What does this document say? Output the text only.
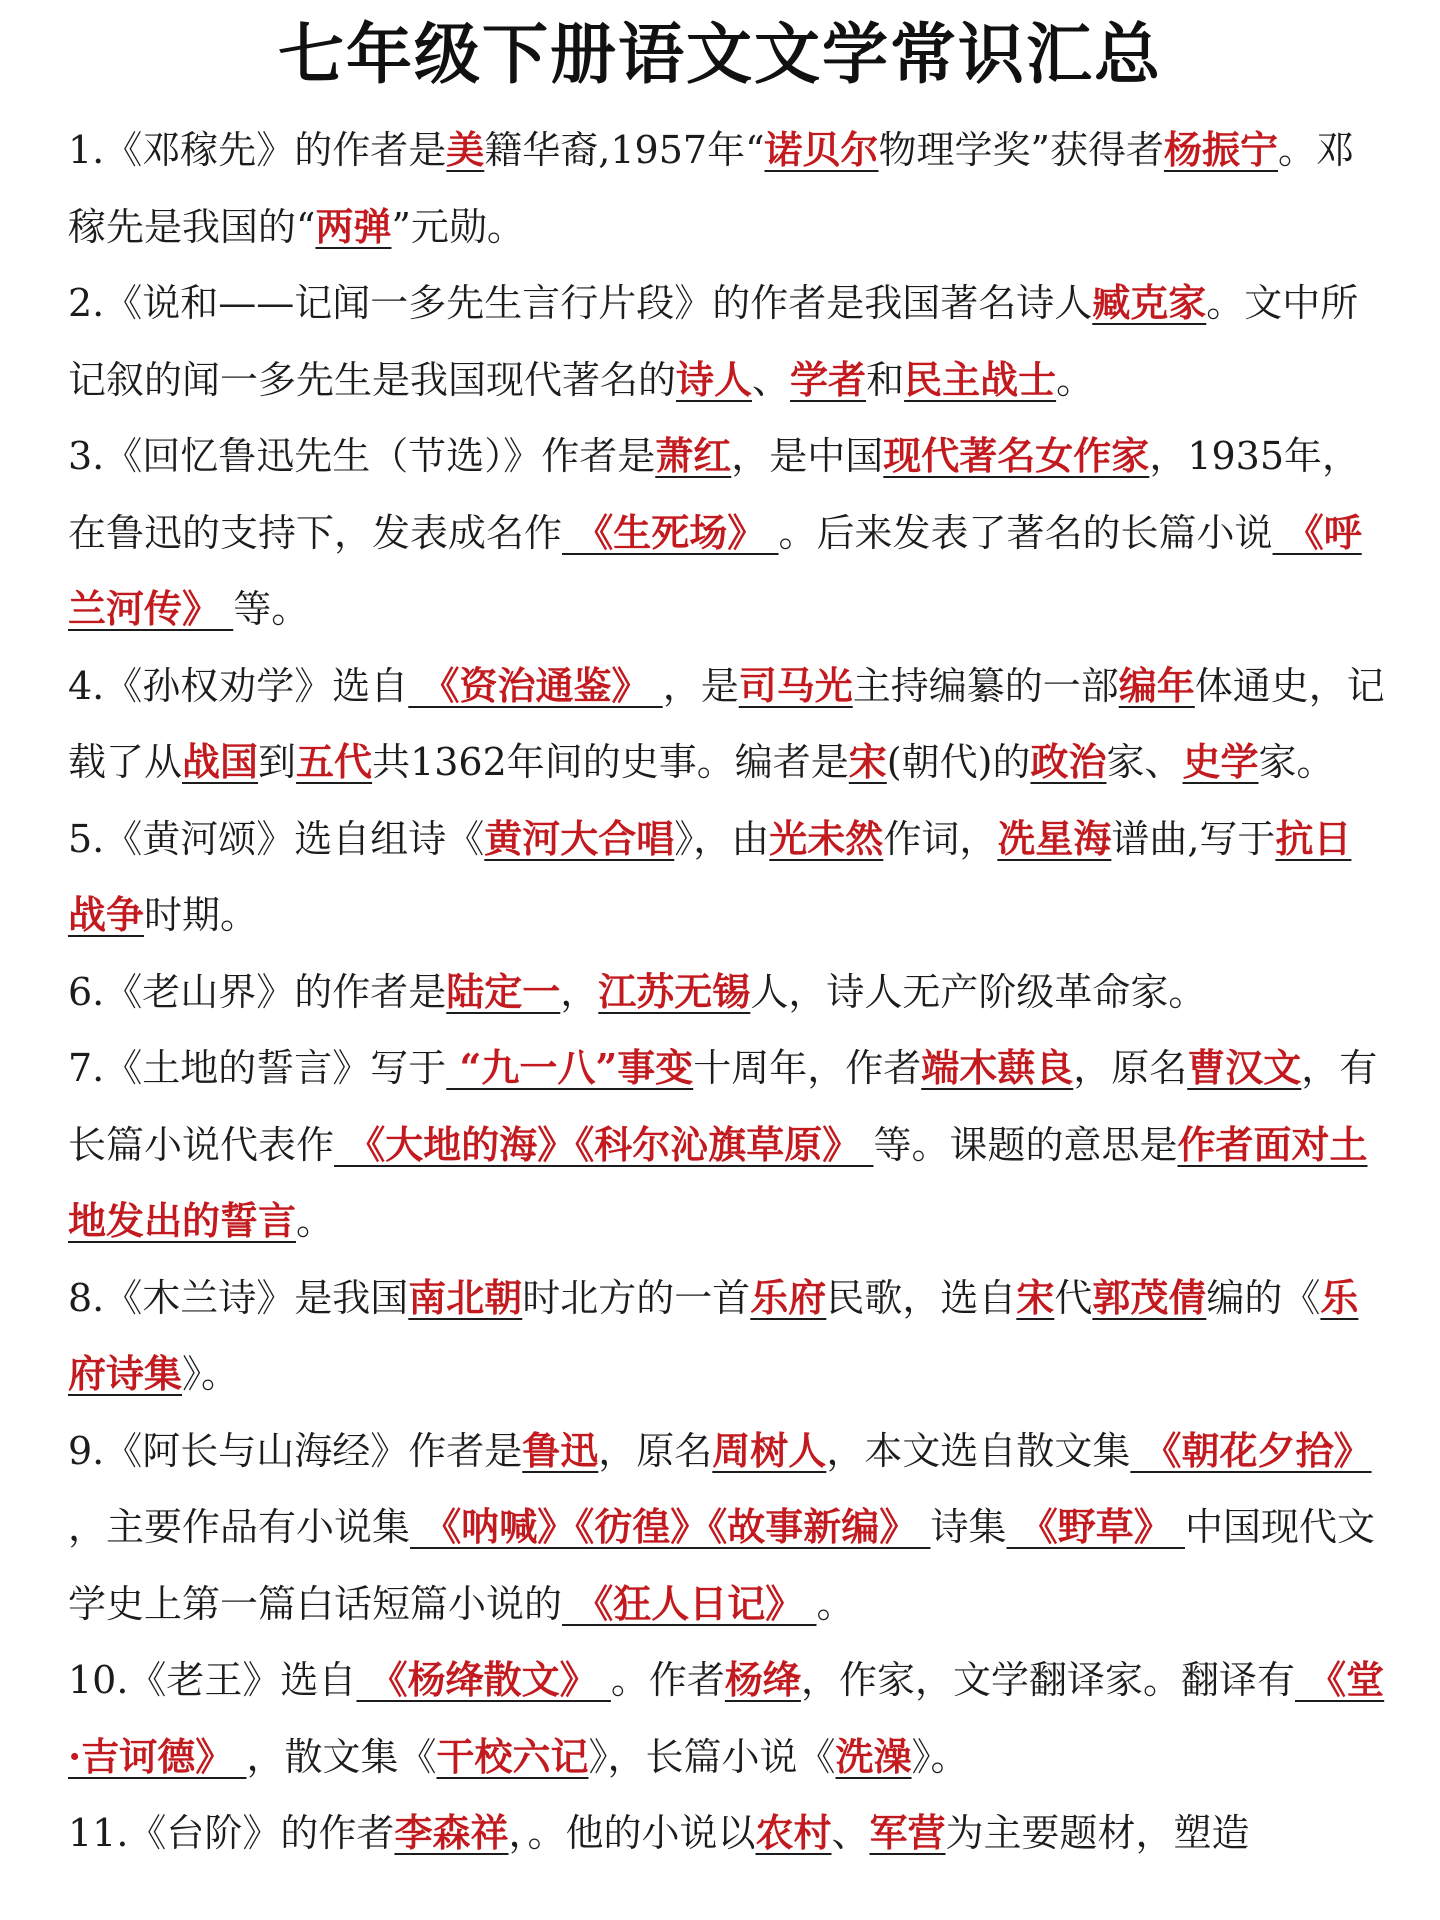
七年级下册语文文学常识汇总

1.《邓稼先》的作者是美籍华裔,1957年“诺贝尔物理学奖”获得者杨振宁。邓稼先是我国的“两弹”元勋。

2.《说和——记闻一多先生言行片段》的作者是我国著名诗人臧克家。文中所记叙的闻一多先生是我国现代著名的诗人、学者和民主战士。

3.《回忆鲁迅先生（节选）》作者是萧红，是中国现代著名女作家，1935年，在鲁迅的支持下，发表成名作 《生死场》 。后来发表了著名的长篇小说 《呼兰河传》 等。

4.《孙权劝学》选自 《资治通鉴》 ，是司马光主持编纂的一部编年体通史，记载了从战国到五代共1362年间的史事。编者是宋(朝代)的政治家、史学家。

5.《黄河颂》选自组诗《黄河大合唱》，由光未然作词，冼星海谱曲,写于抗日战争时期。

6.《老山界》的作者是陆定一，江苏无锡人，诗人无产阶级革命家。

7.《土地的誓言》写于 “九一八”事变十周年，作者端木蕻良，原名曹汉文，有长篇小说代表作 《大地的海》《科尔沁旗草原》 等。课题的意思是作者面对土地发出的誓言。

8.《木兰诗》是我国南北朝时北方的一首乐府民歌，选自宋代郭茂倩编的《乐府诗集》。

9.《阿长与山海经》作者是鲁迅，原名周树人，本文选自散文集 《朝花夕拾》 ，主要作品有小说集 《呐喊》《彷徨》《故事新编》 诗集 《野草》 中国现代文学史上第一篇白话短篇小说的 《狂人日记》 。

10.《老王》选自 《杨绛散文》 。作者杨绛，作家，文学翻译家。翻译有 《堂·吉诃德》 ，散文集《干校六记》，长篇小说《洗澡》。

11.《台阶》的作者李森祥，。他的小说以农村、军营为主要题材，塑造
